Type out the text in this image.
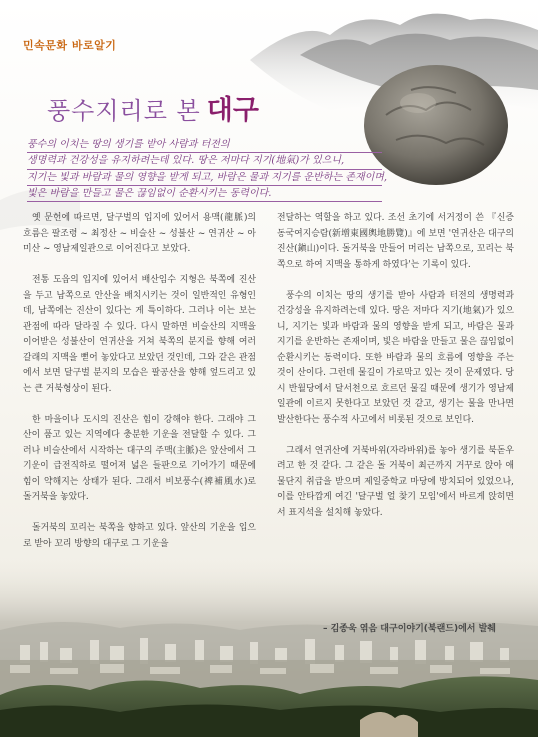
민속문화 바로알기
풍수지리로 본 대구
풍수의 이치는 땅의 생기를 받아 사람과 터전의
생명력과 건강성을 유지하려는데 있다. 땅은 저마다 지기(地氣)가 있으니,
지기는 빛과 바람과 물의 영향을 받게 되고, 바람은 물과 지기를 운반하는 존재이며,
빛은 바람을 만들고 물은 끊임없이 순환시키는 동력이다.

옛 문헌에 따르면, 달구벌의 입지에 있어서 용맥(龍脈)의 흐름은 팔조령 ~ 최정산 ~ 비슬산 ~ 성불산 ~ 연귀산 ~ 아미산 ~ 영남제일관으로 이어진다고 보았다.

전통 도읍의 입지에 있어서 배산임수 지형은 북쪽에 진산을 두고 남쪽으로 안산을 배치시키는 것이 일반적인 유형인데, 남쪽에는 진산이 있다는 게 특이하다. 그러나 이는 보는 관점에 따라 달라질 수 있다. 다시 말하면 비슬산의 지맥을 이어받은 성불산이 연귀산을 거쳐 북쪽의 분지를 향해 여러 갈래의 지맥을 뻗어 놓았다고 보았던 것인데, 그와 같은 관점에서 보면 달구벌 분지의 모습은 팔공산을 향해 엎드리고 있는 큰 거북형상이 된다.

한 마을이나 도시의 진산은 힘이 강해야 한다. 그래야 그 산이 품고 있는 지역에다 충분한 기운을 전달할 수 있다. 그러나 비슬산에서 시작하는 대구의 주맥(主脈)은 앞산에서 그 기운이 급전직하로 떨어져 넓은 들판으로 기어가기 때문에 힘이 약해지는 상태가 된다. 그래서 비보풍수(裨補風水)로 돌거북을 놓았다.

돌거북의 꼬리는 북쪽을 향하고 있다. 앞산의 기운을 입으로 받아 꼬리 방향의 대구로 그 기운을

전달하는 역할을 하고 있다. 조선 초기에 서거정이 쓴 『신증동국여지승람(新增東國輿地勝覽)』에 보면 '연귀산은 대구의 진산(鎭山)이다. 돌거북을 만들어 머리는 남쪽으로, 꼬리는 북쪽으로 하여 지맥을 통하게 하였다'는 기록이 있다.

풍수의 이치는 땅의 생기를 받아 사람과 터전의 생명력과 건강성을 유지하려는데 있다. 땅은 저마다 지기(地氣)가 있으니, 지기는 빛과 바람과 물의 영향을 받게 되고, 바람은 물과 지기를 운반하는 존재이며, 빛은 바람을 만들고 물은 끊임없이 순환시키는 동력이다. 또한 바람과 물의 흐름에 영향을 주는 것이 산이다. 그런데 물길이 가로막고 있는 것이 문제였다. 당시 반월당에서 달서천으로 흐르던 물길 때문에 생기가 영남제일관에 이르지 못한다고 보았던 것 같고, 생기는 물을 만나면 발산한다는 풍수적 사고에서 비롯된 것으로 보인다.

그래서 연귀산에 거북바위(자라바위)를 놓아 생기를 북돋우려고 한 것 같다. 그 같은 돌 거북이 최근까지 거꾸로 앉아 애물단지 취급을 받으며 제일중학교 마당에 방치되어 있었으나, 이를 안타깝게 여긴 '달구벌 얼 찾기 모임'에서 바르게 앉히면서 표지석을 설치해 놓았다.

– 김종욱 엮음 대구이야기(북랜드)에서 발췌
